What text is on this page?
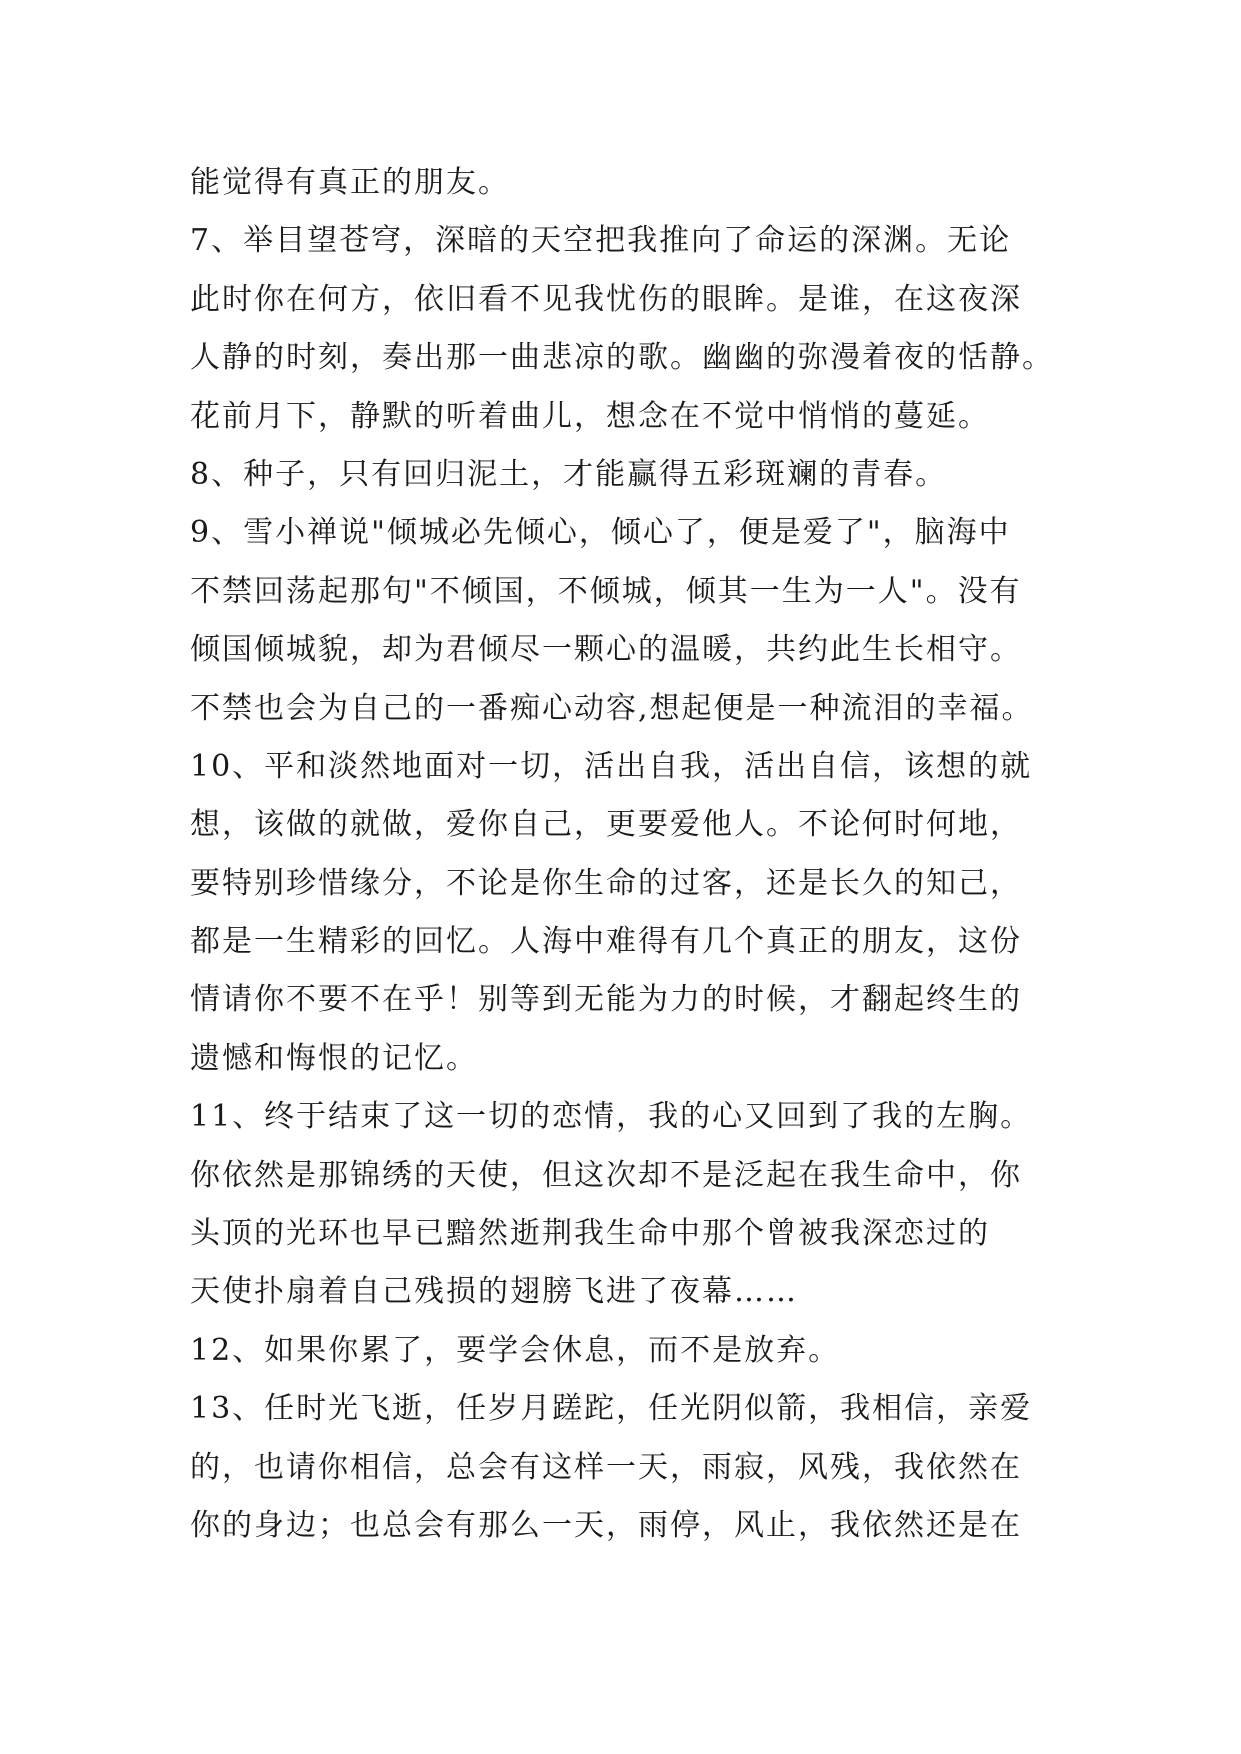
能觉得有真正的朋友。
7、举目望苍穹，深暗的天空把我推向了命运的深渊。无论
此时你在何方，依旧看不见我忧伤的眼眸。是谁，在这夜深
人静的时刻，奏出那一曲悲凉的歌。幽幽的弥漫着夜的恬静。
花前月下，静默的听着曲儿，想念在不觉中悄悄的蔓延。
8、种子，只有回归泥土，才能赢得五彩斑斓的青春。
9、雪小禅说"倾城必先倾心，倾心了，便是爱了"，脑海中
不禁回荡起那句"不倾国，不倾城，倾其一生为一人"。没有
倾国倾城貌，却为君倾尽一颗心的温暖，共约此生长相守。
不禁也会为自己的一番痴心动容,想起便是一种流泪的幸福。
10、平和淡然地面对一切，活出自我，活出自信，该想的就
想，该做的就做，爱你自己，更要爱他人。不论何时何地，
要特别珍惜缘分，不论是你生命的过客，还是长久的知己，
都是一生精彩的回忆。人海中难得有几个真正的朋友，这份
情请你不要不在乎！别等到无能为力的时候，才翻起终生的
遗憾和悔恨的记忆。
11、终于结束了这一切的恋情，我的心又回到了我的左胸。
你依然是那锦绣的天使，但这次却不是泛起在我生命中，你
头顶的光环也早已黯然逝荆我生命中那个曾被我深恋过的
天使扑扇着自己残损的翅膀飞进了夜幕……
12、如果你累了，要学会休息，而不是放弃。
13、任时光飞逝，任岁月蹉跎，任光阴似箭，我相信，亲爱
的，也请你相信，总会有这样一天，雨寂，风残，我依然在
你的身边；也总会有那么一天，雨停，风止，我依然还是在
